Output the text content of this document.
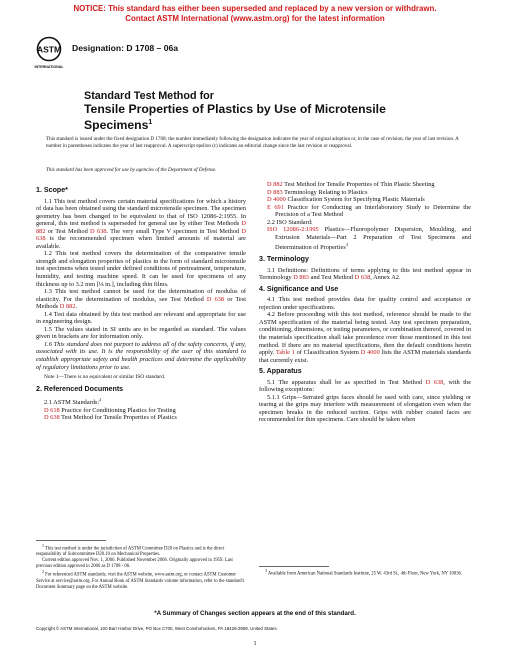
NOTICE: This standard has either been superseded and replaced by a new version or withdrawn.
Contact ASTM International (www.astm.org) for the latest information
ASTM
INTERNATIONAL
Designation: D 1708 – 06a
Standard Test Method for
Tensile Properties of Plastics by Use of Microtensile
Specimens$^1$
This standard is issued under the fixed designation D 1708; the number immediately following the designation indicates the year of original adoption or, in the case of revision, the year of last revision. A number in parentheses indicates the year of last reapproval. A superscript epsilon (ε) indicates an editorial change since the last revision or reapproval.
This standard has been approved for use by agencies of the Department of Defense.
1. Scope*

1.1 This test method covers certain material specifications for which a history of data has been obtained using the standard microtensile specimen. The specimen geometry has been changed to be equivalent to that of ISO 12086-2:1955. In general, this test method is superseded for general use by either Test Methods D 882 or Test Method D 638. The very small Type V specimen in Test Method D 638 is the recommended specimen when limited amounts of material are available.

1.2 This test method covers the determination of the comparative tensile strength and elongation properties of plastics in the form of standard microtensile test specimens when tested under defined conditions of pretreatment, temperature, humidity, and testing machine speed. It can be used for specimens of any thickness up to 3.2 mm [⅛ in.], including thin films.

1.3 This test method cannot be used for the determination of modulus of elasticity. For the determination of modulus, see Test Method D 638 or Test Methods D 882.

1.4 Test data obtained by this test method are relevant and appropriate for use in engineering design.

1.5 The values stated in SI units are to be regarded as standard. The values given in brackets are for information only.

1.6 This standard does not purport to address all of the safety concerns, if any, associated with its use. It is the responsibility of the user of this standard to establish appropriate safety and health practices and determine the applicability of regulatory limitations prior to use.

Note 1—There is no equivalent or similar ISO standard.
2. Referenced Documents

2.1 ASTM Standards:$^2$

D 618 Practice for Conditioning Plastics for Testing
D 638 Test Method for Tensile Properties of Plastics
D 882 Test Method for Tensile Properties of Thin Plastic Sheeting
D 883 Terminology Relating to Plastics
D 4000 Classification System for Specifying Plastic Materials
E 691 Practice for Conducting an Interlaboratory Study to Determine the Precision of a Test Method

2.2 ISO Standard:

ISO 12086-2:1995 Plastics—Fluoropolymer Dispersion, Moulding, and Extrusion Materials—Part 2 Preparation of Test Specimens and Determination of Properties$^3$
3. Terminology

3.1 Definitions: Definitions of terms applying to this test method appear in Terminology D 883 and Test Method D 638, Annex A2.

4. Significance and Use

4.1 This test method provides data for quality control and acceptance or rejection under specifications.

4.2 Before proceeding with this test method, reference should be made to the ASTM specification of the material being tested. Any test specimen preparation, conditioning, dimensions, or testing parameters, or combination thereof, covered in the materials specification shall take precedence over those mentioned in this test method. If there are no material specifications, then the default conditions herein apply. Table 1 of Classification System D 4000 lists the ASTM materials standards that currently exist.

5. Apparatus

5.1 The apparatus shall be as specified in Test Method D 638, with the following exceptions:

5.1.1 Grips—Serrated grips faces should be used with care, since yielding or tearing at the grips may interfere with measurement of elongation even when the specimen breaks in the reduced section. Grips with rubber coated faces are recommended for thin specimens. Care should be taken when

$^1$ This test method is under the jurisdiction of ASTM Committee D20 on Plastics and is the direct responsibility of Subcommittee D20.10 on Mechanical Properties.
Current edition approved Nov. 1, 2006. Published November 2006. Originally approved in 1959. Last previous edition approved in 2006 as D 1708 - 06.
$^2$ For referenced ASTM standards, visit the ASTM website, www.astm.org, or contact ASTM Customer Service at service@astm.org. For Annual Book of ASTM Standards volume information, refer to the standard's Document Summary page on the ASTM website.
$^3$ Available from American National Standards Institute, 25 W. 43rd St., 4th Floor, New York, NY 10036.
*A Summary of Changes section appears at the end of this standard.
Copyright © ASTM International, 100 Barr Harbor Drive, PO Box C700, West Conshohocken, PA 19428-2959, United States.
1
